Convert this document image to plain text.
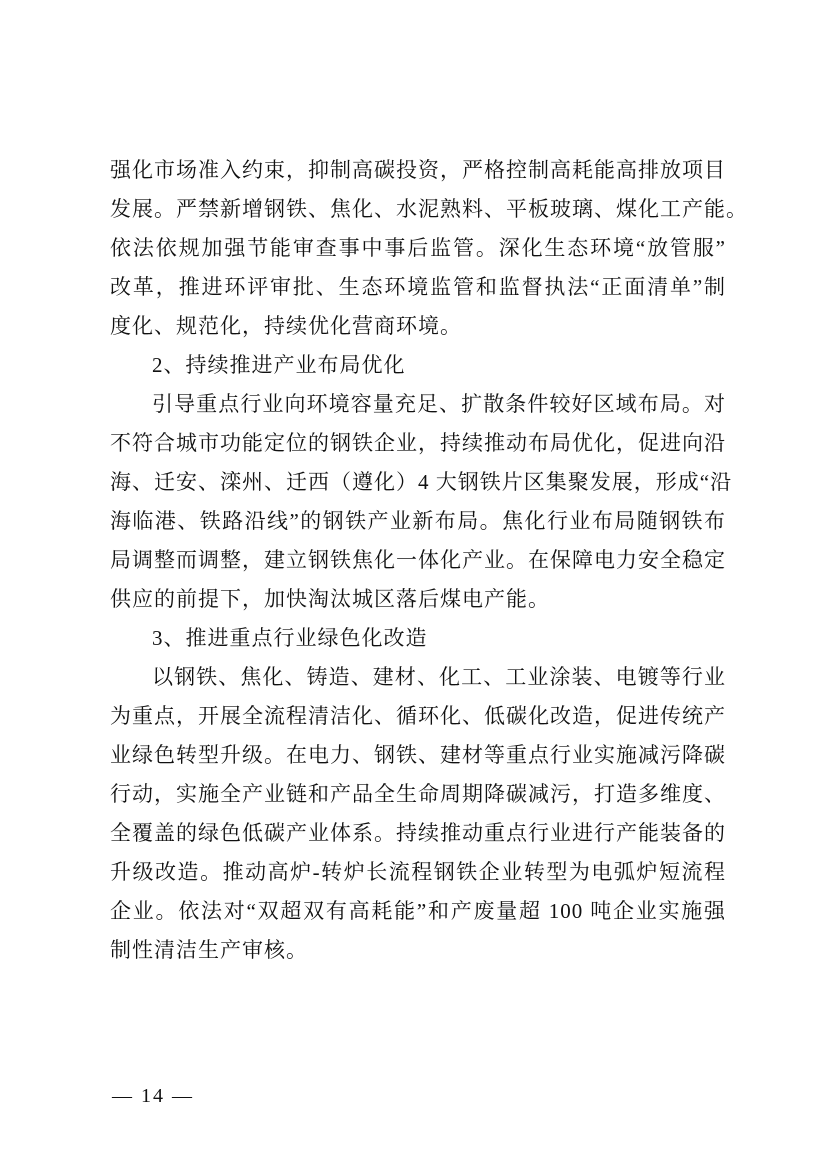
强化市场准入约束，抑制高碳投资，严格控制高耗能高排放项目
发展。严禁新增钢铁、焦化、水泥熟料、平板玻璃、煤化工产能。
依法依规加强节能审查事中事后监管。深化生态环境“放管服”
改革，推进环评审批、生态环境监管和监督执法“正面清单”制
度化、规范化，持续优化营商环境。
2、持续推进产业布局优化
引导重点行业向环境容量充足、扩散条件较好区域布局。对
不符合城市功能定位的钢铁企业，持续推动布局优化，促进向沿
海、迁安、滦州、迁西（遵化）4 大钢铁片区集聚发展，形成“沿
海临港、铁路沿线”的钢铁产业新布局。焦化行业布局随钢铁布
局调整而调整，建立钢铁焦化一体化产业。在保障电力安全稳定
供应的前提下，加快淘汰城区落后煤电产能。
3、推进重点行业绿色化改造
以钢铁、焦化、铸造、建材、化工、工业涂装、电镀等行业
为重点，开展全流程清洁化、循环化、低碳化改造，促进传统产
业绿色转型升级。在电力、钢铁、建材等重点行业实施减污降碳
行动，实施全产业链和产品全生命周期降碳减污，打造多维度、
全覆盖的绿色低碳产业体系。持续推动重点行业进行产能装备的
升级改造。推动高炉-转炉长流程钢铁企业转型为电弧炉短流程
企业。依法对“双超双有高耗能”和产废量超 100 吨企业实施强
制性清洁生产审核。
— 14 —
